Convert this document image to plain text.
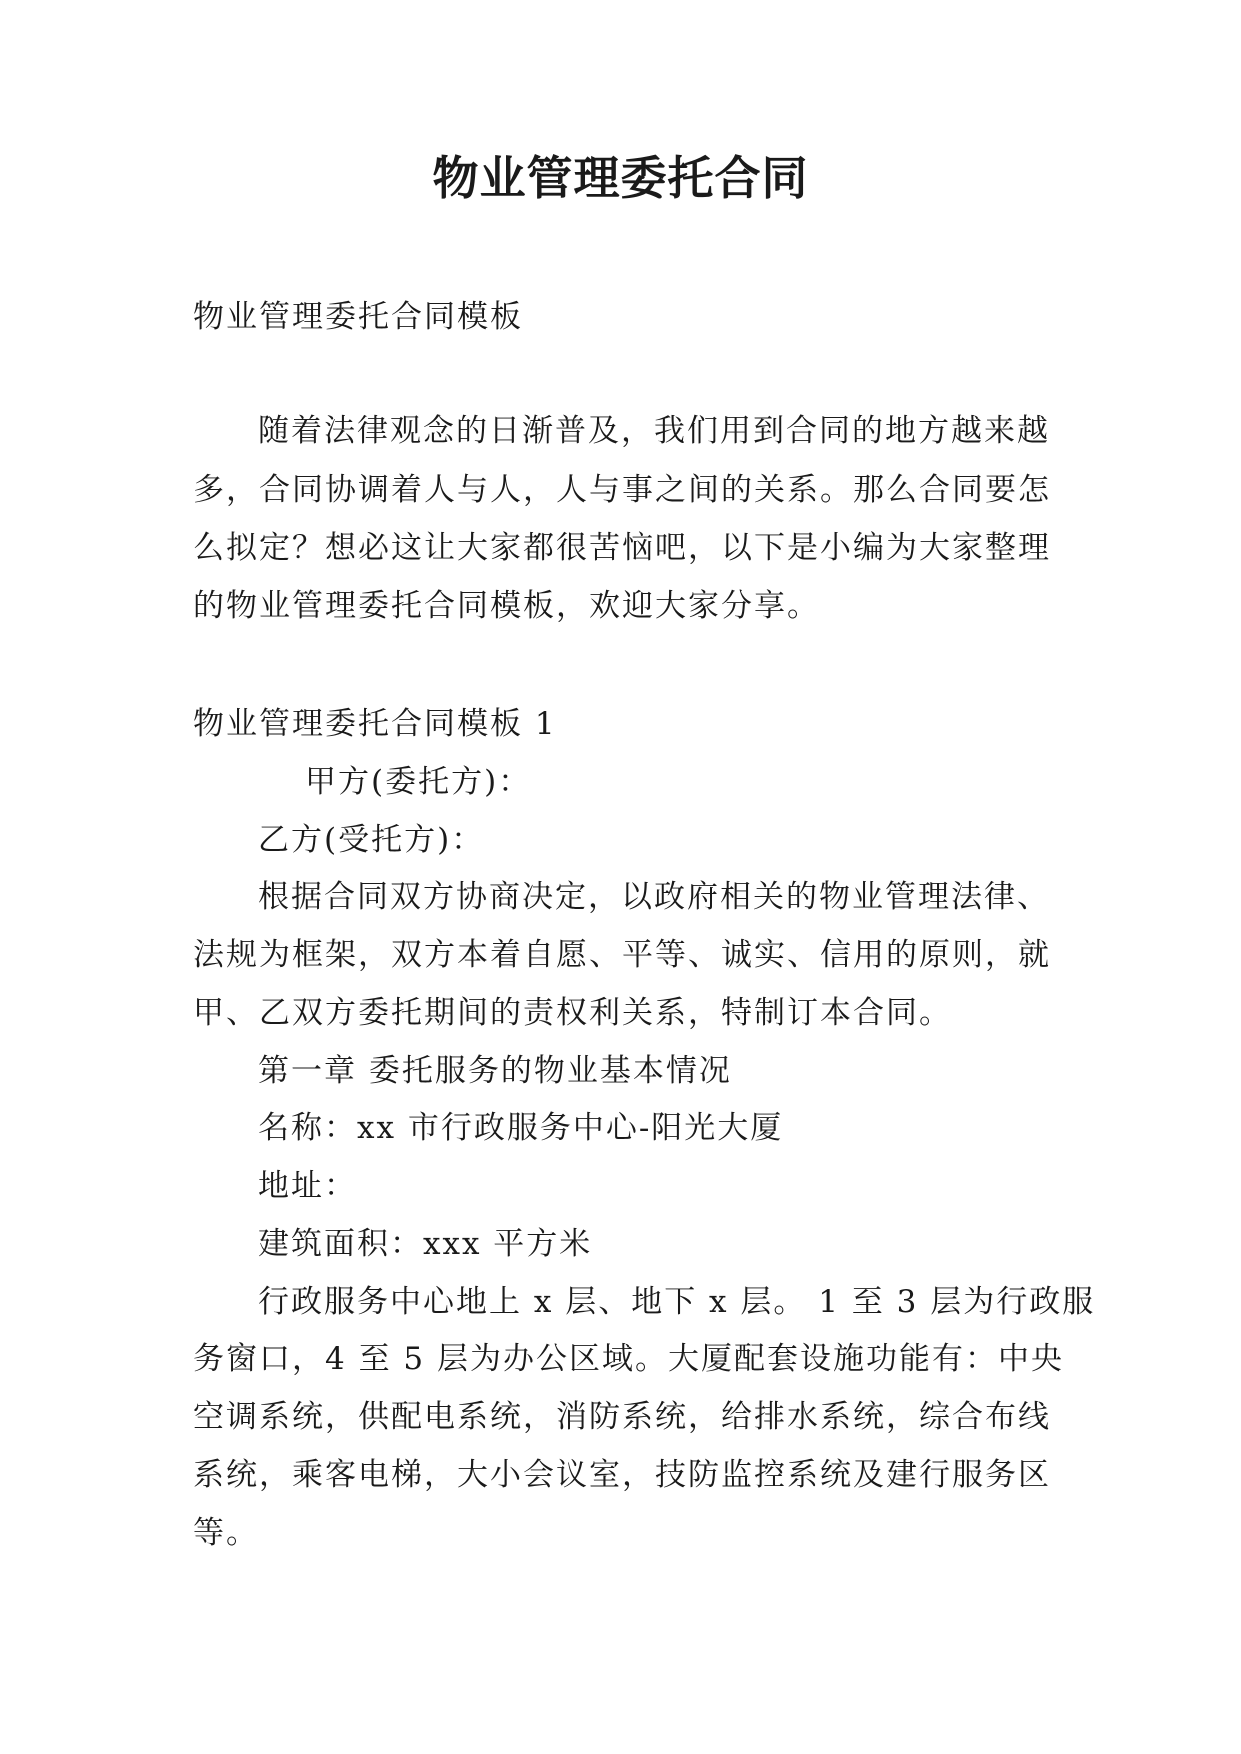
物业管理委托合同
物业管理委托合同模板
随着法律观念的日渐普及，我们用到合同的地方越来越
多，合同协调着人与人，人与事之间的关系。那么合同要怎
么拟定？想必这让大家都很苦恼吧，以下是小编为大家整理
的物业管理委托合同模板，欢迎大家分享。
物业管理委托合同模板 1
甲方(委托方)：
乙方(受托方)：
根据合同双方协商决定，以政府相关的物业管理法律、
法规为框架，双方本着自愿、平等、诚实、信用的原则，就
甲、乙双方委托期间的责权利关系，特制订本合同。
第一章 委托服务的物业基本情况
名称：xx 市行政服务中心-阳光大厦
地址：
建筑面积：xxx 平方米
行政服务中心地上 x 层、地下 x 层。 1 至 3 层为行政服
务窗口，4 至 5 层为办公区域。大厦配套设施功能有：中央
空调系统，供配电系统，消防系统，给排水系统，综合布线
系统，乘客电梯，大小会议室，技防监控系统及建行服务区
等。
